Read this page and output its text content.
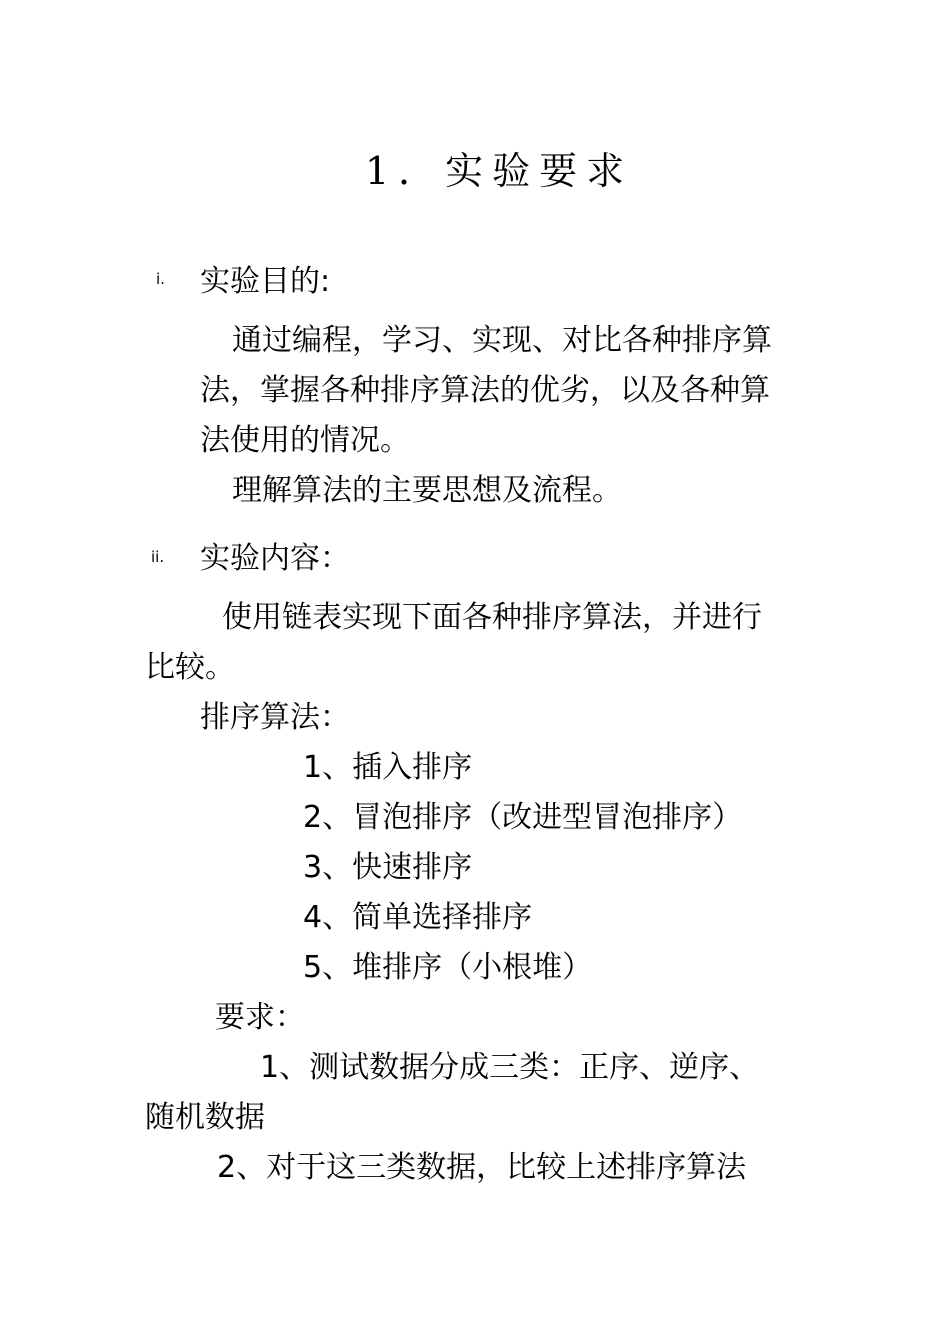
1．实验要求
i. 实验目的:
通过编程，学习、实现、对比各种排序算
法，掌握各种排序算法的优劣，以及各种算
法使用的情况。
理解算法的主要思想及流程。
ii. 实验内容：
使用链表实现下面各种排序算法，并进行
比较。
排序算法：
1、插入排序
2、冒泡排序（改进型冒泡排序）
3、快速排序
4、简单选择排序
5、堆排序（小根堆）
要求：
1、测试数据分成三类：正序、逆序、
随机数据
2、对于这三类数据，比较上述排序算法
